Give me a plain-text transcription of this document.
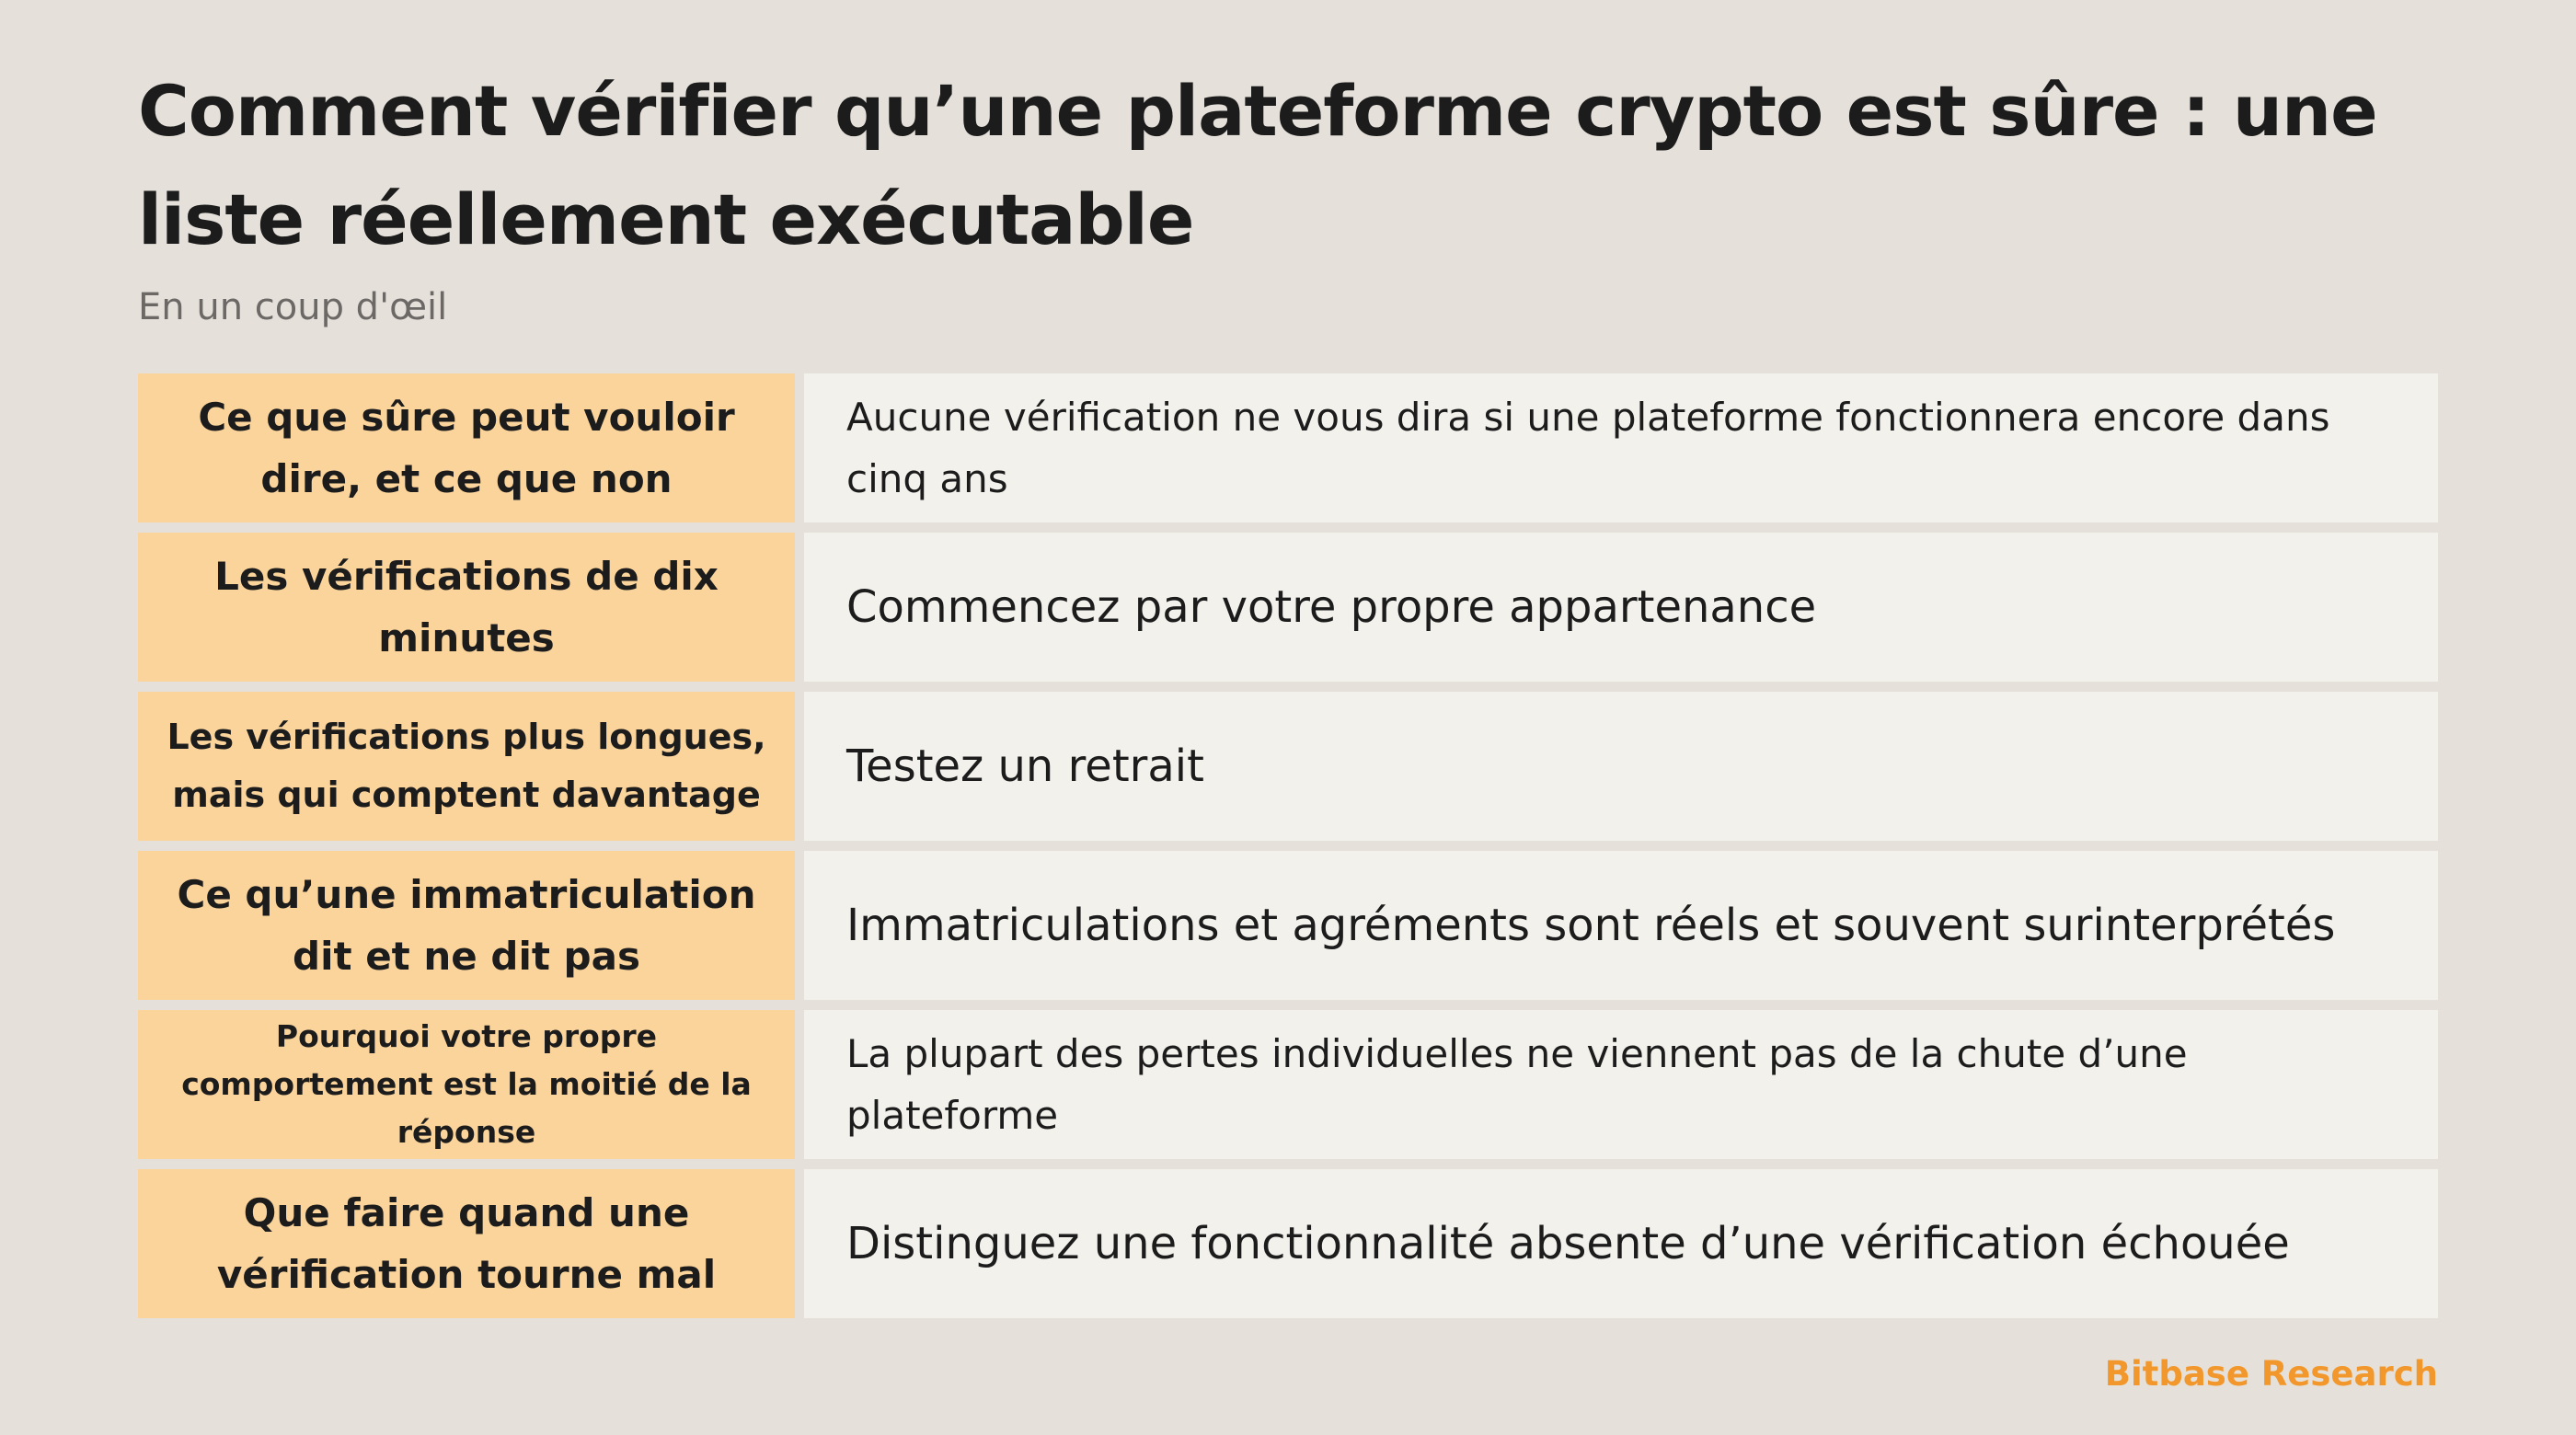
Comment vérifier qu’une plateforme crypto est sûre : une liste réellement exécutable

En un coup d'œil

Ce que sûre peut vouloir dire, et ce que non
Aucune vérification ne vous dira si une plateforme fonctionnera encore dans cinq ans
Les vérifications de dix minutes
Commencez par votre propre appartenance
Les vérifications plus longues, mais qui comptent davantage
Testez un retrait
Ce qu’une immatriculation dit et ne dit pas
Immatriculations et agréments sont réels et souvent surinterprétés
Pourquoi votre propre comportement est la moitié de la réponse
La plupart des pertes individuelles ne viennent pas de la chute d’une plateforme
Que faire quand une vérification tourne mal
Distinguez une fonctionnalité absente d’une vérification échouée

Bitbase Research
